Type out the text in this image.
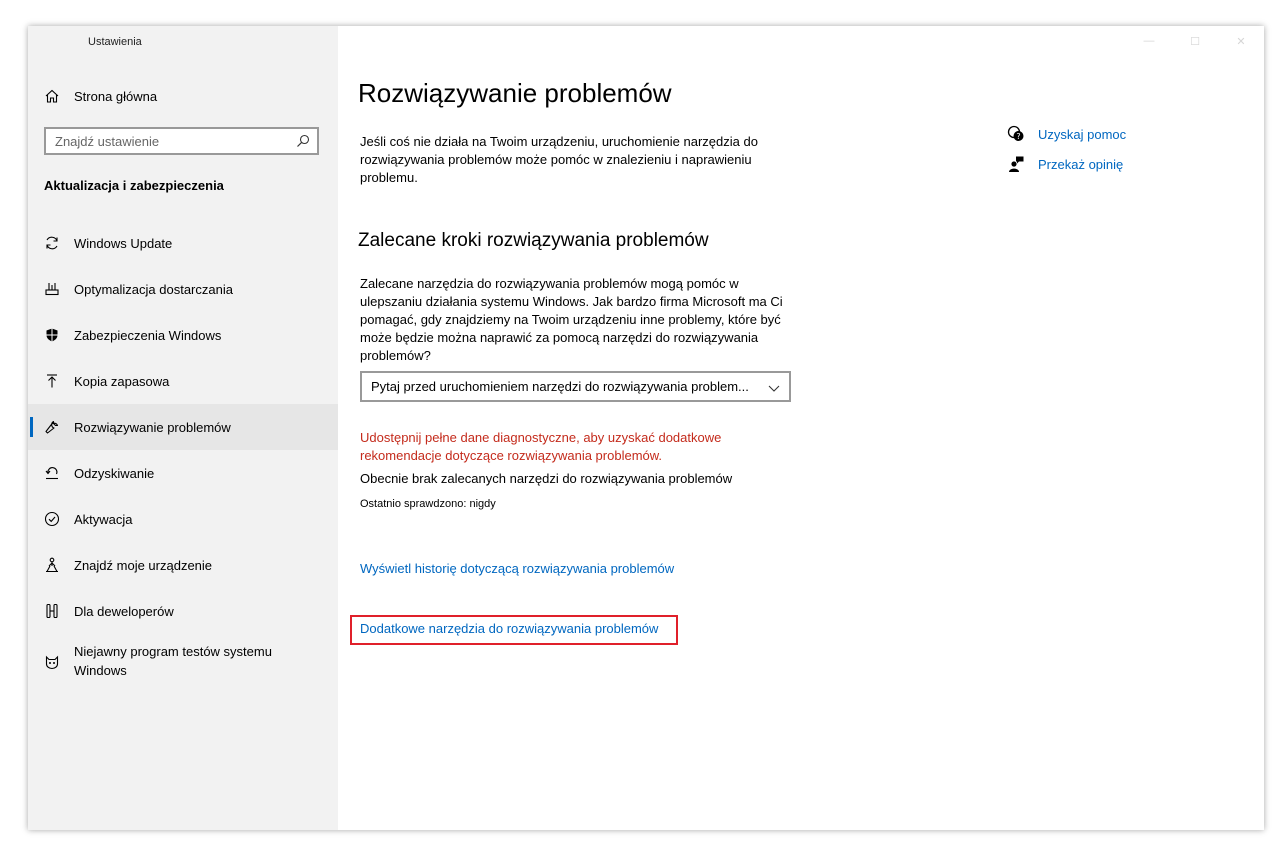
Ustawienia
Strona główna
Znajdź ustawienie
Aktualizacja i zabezpieczenia
Windows Update
Optymalizacja dostarczania
Zabezpieczenia Windows
Kopia zapasowa
Rozwiązywanie problemów
Odzyskiwanie
Aktywacja
Znajdź moje urządzenie
Dla deweloperów
Niejawny program testów systemu Windows
—	☐	✕
Rozwiązywanie problemów
Jeśli coś nie działa na Twoim urządzeniu, uruchomienie narzędzia do rozwiązywania problemów może pomóc w znalezieniu i naprawieniu problemu.
Zalecane kroki rozwiązywania problemów
Zalecane narzędzia do rozwiązywania problemów mogą pomóc w ulepszaniu działania systemu Windows. Jak bardzo firma Microsoft ma Ci pomagać, gdy znajdziemy na Twoim urządzeniu inne problemy, które być może będzie można naprawić za pomocą narzędzi do rozwiązywania problemów?
Pytaj przed uruchomieniem narzędzi do rozwiązywania problem...
Udostępnij pełne dane diagnostyczne, aby uzyskać dodatkowe rekomendacje dotyczące rozwiązywania problemów.
Obecnie brak zalecanych narzędzi do rozwiązywania problemów
Ostatnio sprawdzono: nigdy
Wyświetl historię dotyczącą rozwiązywania problemów
Dodatkowe narzędzia do rozwiązywania problemów
? Uzyskaj pomoc
Przekaż opinię
